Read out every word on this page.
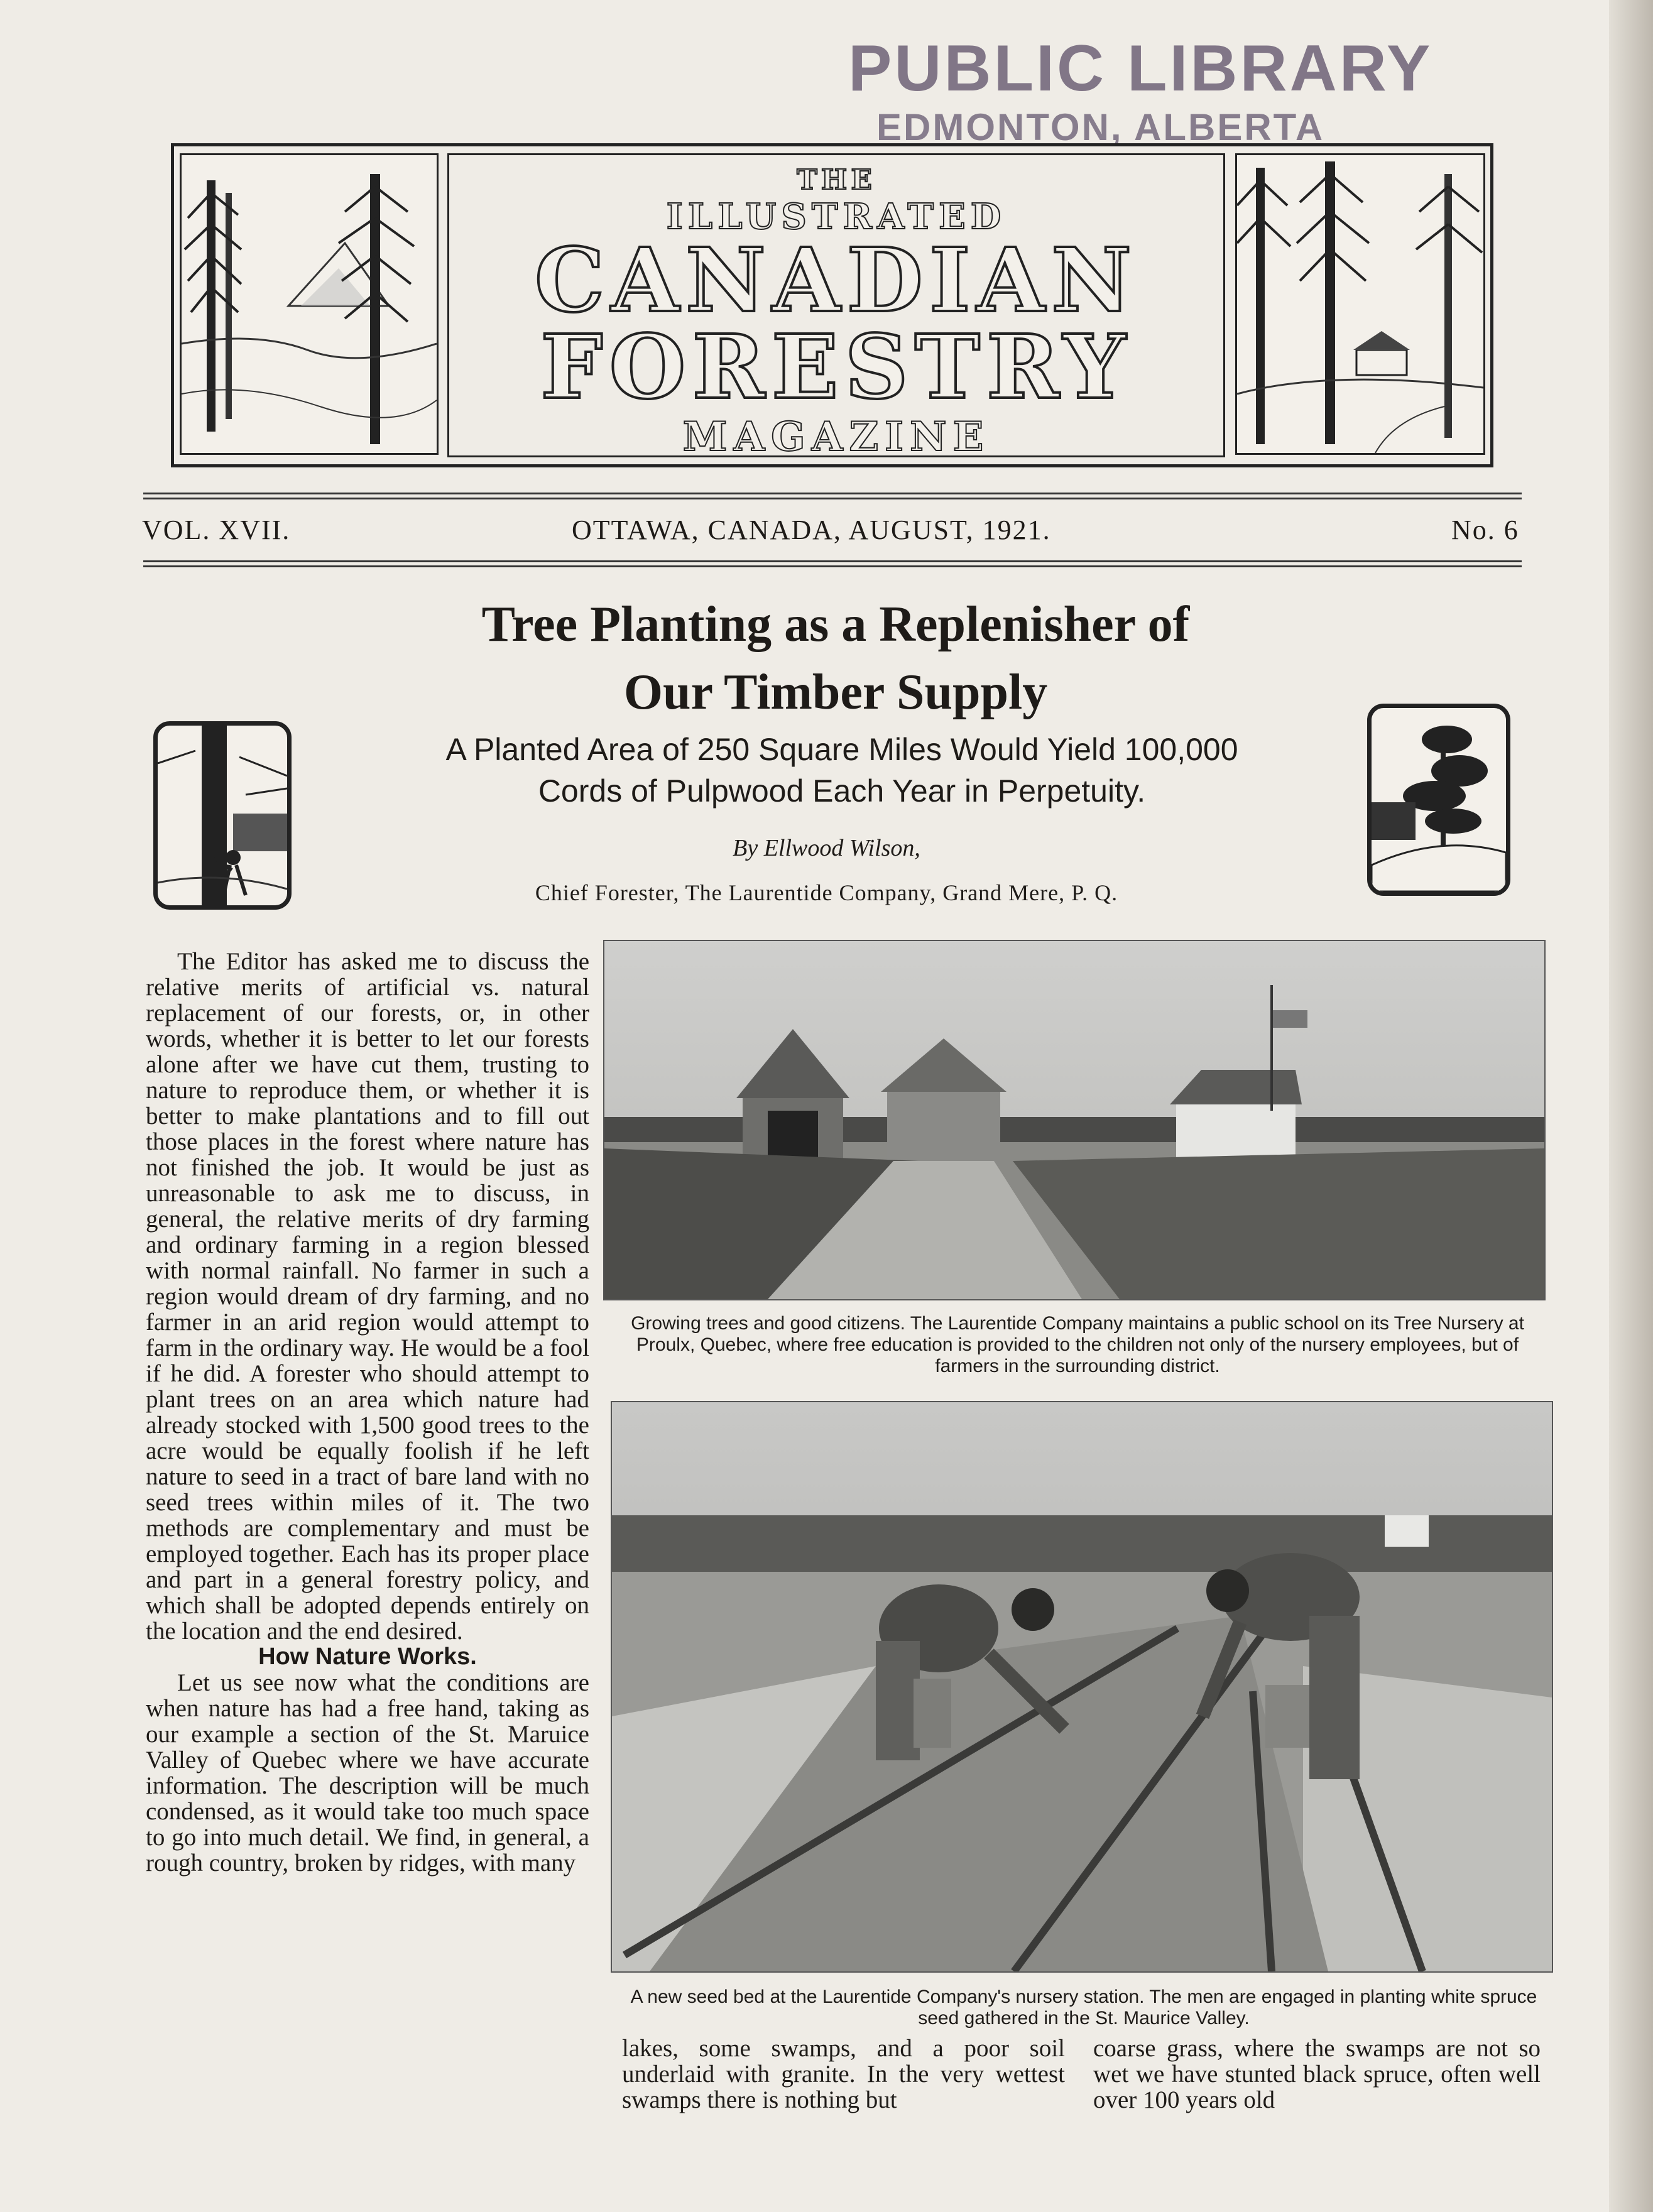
PUBLIC LIBRARY
EDMONTON, ALBERTA
THE
ILLUSTRATED
CANADIAN
FORESTRY
MAGAZINE
VOL. XVII.	OTTAWA, CANADA, AUGUST, 1921.	No. 6
Tree Planting as a Replenisher of
Our Timber Supply
A Planted Area of 250 Square Miles Would Yield 100,000
Cords of Pulpwood Each Year in Perpetuity.
By Ellwood Wilson,
Chief Forester, The Laurentide Company, Grand Mere, P. Q.

The Editor has asked me to discuss the relative merits of artificial vs. natural replacement of our forests, or, in other words, whether it is better to let our forests alone after we have cut them, trusting to nature to reproduce them, or whether it is better to make plantations and to fill out those places in the forest where nature has not finished the job. It would be just as unreasonable to ask me to discuss, in general, the relative merits of dry farming and ordinary farming in a region blessed with normal rainfall. No farmer in such a region would dream of dry farming, and no farmer in an arid region would attempt to farm in the ordinary way. He would be a fool if he did. A forester who should attempt to plant trees on an area which nature had already stocked with 1,500 good trees to the acre would be equally foolish if he left nature to seed in a tract of bare land with no seed trees within miles of it. The two methods are complementary and must be employed together. Each has its proper place and part in a general forestry policy, and which shall be adopted depends entirely on the location and the end desired.

How Nature Works.

Let us see now what the conditions are when nature has had a free hand, taking as our example a section of the St. Maruice Valley of Quebec where we have accurate information. The description will be much condensed, as it would take too much space to go into much detail. We find, in general, a rough country, broken by ridges, with many

Growing trees and good citizens. The Laurentide Company maintains a public school on its Tree Nursery at Proulx, Quebec, where free education is provided to the children not only of the nursery employees, but of farmers in the surrounding district.
A new seed bed at the Laurentide Company's nursery station. The men are engaged in planting white spruce seed gathered in the St. Maurice Valley.
lakes, some swamps, and a poor soil underlaid with granite. In the very wettest swamps there is nothing but
coarse grass, where the swamps are not so wet we have stunted black spruce, often well over 100 years old
